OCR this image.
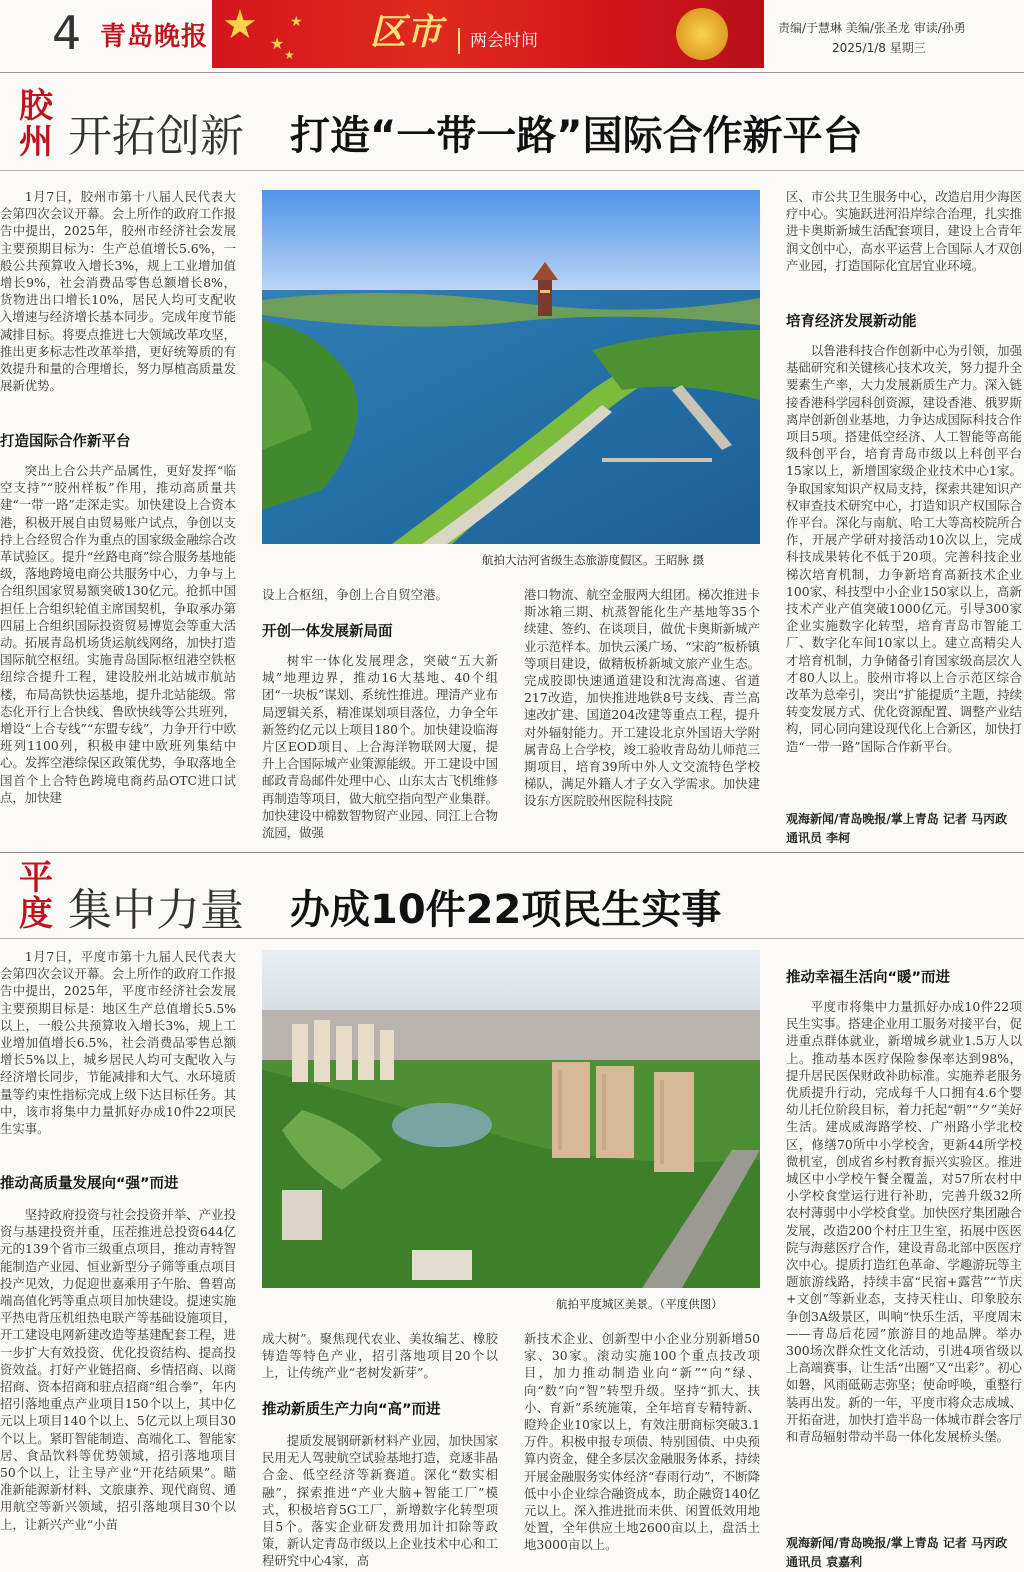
4 青岛晚报 ★ ★
★
★
区市	两会时间
责编/于慧琳 美编/张圣龙 审读/孙勇
2025/1/8 星期三
胶
州 开拓创新 打造“一带一路”国际合作新平台

1月7日，胶州市第十八届人民代表大会第四次会议开幕。会上所作的政府工作报告中提出，2025年，胶州市经济社会发展主要预期目标为：生产总值增长5.6%，一般公共预算收入增长3%，规上工业增加值增长9%，社会消费品零售总额增长8%，货物进出口增长10%，居民人均可支配收入增速与经济增长基本同步。完成年度节能减排目标。将要点推进七大领域改革攻坚，推出更多标志性改革举措，更好统筹质的有效提升和量的合理增长，努力厚植高质量发展新优势。

打造国际合作新平台

突出上合公共产品属性，更好发挥“临空支持”“胶州样板”作用，推动高质量共建“一带一路”走深走实。加快建设上合资本港，积极开展自由贸易账户试点，争创以支持上合经贸合作为重点的国家级金融综合改革试验区。提升“丝路电商”综合服务基地能级，落地跨境电商公共服务中心，力争与上合组织国家贸易额突破130亿元。抢抓中国担任上合组织轮值主席国契机，争取承办第四届上合组织国际投资贸易博览会等重大活动。拓展青岛机场货运航线网络，加快打造国际航空枢纽。实施青岛国际枢纽港空铁枢纽综合提升工程，建设胶州北站城市航站楼，布局高铁快运基地，提升北站能级。常态化开行上合快线、鲁欧快线等公共班列，增设“上合专线”“东盟专线”，力争开行中欧班列1100列，积极申建中欧班列集结中心。发挥空港综保区政策优势，争取落地全国首个上合特色跨境电商药品OTC进口试点，加快建

航拍大沽河省级生态旅游度假区。王昭脉 摄

设上合枢纽，争创上合自贸空港。

开创一体发展新局面

树牢一体化发展理念，突破“五大新城”地理边界，推动16大基地、40个组团“一块板”谋划、系统性推进。理清产业布局逻辑关系，精准谋划项目落位，力争全年新签约亿元以上项目180个。加快建设临海片区EOD项目、上合海洋物联网大厦，提升上合国际城产业策源能级。开工建设中国邮政青岛邮件处理中心、山东太古飞机维修再制造等项目，做大航空指向型产业集群。加快建设中棉数智物贸产业园、同江上合物流园，做强

港口物流、航空金服两大组团。梯次推进卡斯冰箱三期、杭蒸智能化生产基地等35个续建、签约、在谈项目，做优卡奥斯新城产业示范样本。加快云溪广场、“宋韵”板桥镇等项目建设，做精板桥新城文旅产业生态。完成胶即快速通道建设和沈海高速、省道217改造，加快推进地铁8号支线、青兰高速改扩建、国道204改建等重点工程，提升对外辐射能力。开工建设北京外国语大学附属青岛上合学校，竣工验收青岛幼儿师范三期项目，培育39所中外人文交流特色学校梯队，满足外籍人才子女入学需求。加快建设东方医院胶州医院科技院

区、市公共卫生服务中心，改造启用少海医疗中心。实施跃进河沿岸综合治理，扎实推进卡奥斯新城生活配套项目，建设上合青年润文创中心，高水平运营上合国际人才双创产业园，打造国际化宜居宜业环境。

培育经济发展新动能

以鲁港科技合作创新中心为引领，加强基础研究和关键核心技术攻关，努力提升全要素生产率，大力发展新质生产力。深入链接香港科学园科创资源，建设香港、俄罗斯离岸创新创业基地，力争达成国际科技合作项目5项。搭建低空经济、人工智能等高能级科创平台，培育青岛市级以上科创平台15家以上，新增国家级企业技术中心1家。争取国家知识产权局支持，探索共建知识产权审查技术研究中心，打造知识产权国际合作平台。深化与南航、哈工大等高校院所合作，开展产学研对接活动10次以上，完成科技成果转化不低于20项。完善科技企业梯次培育机制，力争新培育高新技术企业100家、科技型中小企业150家以上，高新技术产业产值突破1000亿元。引导300家企业实施数字化转型，培育青岛市智能工厂、数字化车间10家以上。建立高精尖人才培育机制，力争储备引育国家级高层次人才80人以上。胶州市将以上合示范区综合改革为总牵引，突出“扩能提质”主题，持续转变发展方式、优化资源配置、调整产业结构，同心同向建设现代化上合新区，加快打造“一带一路”国际合作新平台。

观海新闻/青岛晚报/掌上青岛 记者 马丙政 通讯员 李柯
平
度 集中力量 办成10件22项民生实事

1月7日，平度市第十九届人民代表大会第四次会议开幕。会上所作的政府工作报告中提出，2025年，平度市经济社会发展主要预期目标是：地区生产总值增长5.5%以上，一般公共预算收入增长3%，规上工业增加值增长6.5%，社会消费品零售总额增长5%以上，城乡居民人均可支配收入与经济增长同步，节能减排和大气、水环境质量等约束性指标完成上级下达目标任务。其中，该市将集中力量抓好办成10件22项民生实事。

推动高质量发展向“强”而进

坚持政府投资与社会投资并举、产业投资与基建投资并重，压茬推进总投资644亿元的139个省市三级重点项目，推动青特智能制造产业园、恒业新型分子筛等重点项目投产见效，力促迎世嘉乘用子午胎、鲁碧高端高值化钙等重点项目加快建设。提速实施平热电背压机组热电联产等基础设施项目，开工建设电网新建改造等基建配套工程，进一步扩大有效投资、优化投资结构、提高投资效益。打好产业链招商、乡情招商、以商招商、资本招商和驻点招商“组合拳”，年内招引落地重点产业项目150个以上，其中亿元以上项目140个以上、5亿元以上项目30个以上。紧盯智能制造、高端化工、智能家居、食品饮料等优势领域，招引落地项目50个以上，让主导产业“开花结硕果”。瞄准新能源新材料、文旅康养、现代商贸、通用航空等新兴领域，招引落地项目30个以上，让新兴产业“小苗

航拍平度城区美景。（平度供图）

成大树”。聚焦现代农业、美妆编艺、橡胶铸造等特色产业，招引落地项目20个以上，让传统产业“老树发新芽”。

推动新质生产力向“高”而进

提质发展钢研新材料产业园，加快国家民用无人驾驶航空试验基地打造，竞逐非晶合金、低空经济等新赛道。深化“数实相融”，探索推进“产业大脑+智能工厂”模式，积极培育5G工厂，新增数字化转型项目5个。落实企业研发费用加计扣除等政策，新认定青岛市级以上企业技术中心和工程研究中心4家，高

新技术企业、创新型中小企业分别新增50家、30家。滚动实施100个重点技改项目，加力推动制造业向“新”“向”绿、向“数”向“智”转型升级。坚持“抓大、扶小、育新”系统施策，全年培育专精特新、瞪羚企业10家以上，有效注册商标突破3.1万件。积极申报专项债、特别国债、中央预算内资金，健全多层次金融服务体系，持续开展金融服务实体经济“春雨行动”，不断降低中小企业综合融资成本，助企融资140亿元以上。深入推进批而未供、闲置低效用地处置，全年供应土地2600亩以上，盘活土地3000亩以上。

推动幸福生活向“暖”而进

平度市将集中力量抓好办成10件22项民生实事。搭建企业用工服务对接平台，促进重点群体就业，新增城乡就业1.5万人以上。推动基本医疗保险参保率达到98%，提升居民医保财政补助标准。实施养老服务优质提升行动，完成每千人口拥有4.6个婴幼儿托位阶段目标，着力托起“朝”“夕”美好生活。建成威海路学校、广州路小学北校区，修缮70所中小学校舍，更新44所学校微机室，创成省乡村教育振兴实验区。推进城区中小学校午餐全覆盖，对57所农村中小学校食堂运行进行补助，完善升级32所农村薄弱中小学校食堂。加快医疗集团融合发展，改造200个村庄卫生室，拓展中医医院与海慈医疗合作，建设青岛北部中医医疗次中心。提质打造红色革命、学趣游玩等主题旅游线路，持续丰富“民宿+露营”“节庆+文创”等新业态，支持天柱山、印象胶东争创3A级景区，叫响“快乐生活，平度周末——青岛后花园”旅游目的地品牌。举办300场次群众性文化活动，引进4项省级以上高端赛事，让生活“出圈”又“出彩”。初心如磐，风雨砥砺志弥坚；使命呼唤，重整行装再出发。新的一年，平度市将众志成城、开拓奋进，加快打造半岛一体城市群会客厅和青岛辐射带动半岛一体化发展桥头堡。

观海新闻/青岛晚报/掌上青岛 记者 马丙政 通讯员 袁嘉利
